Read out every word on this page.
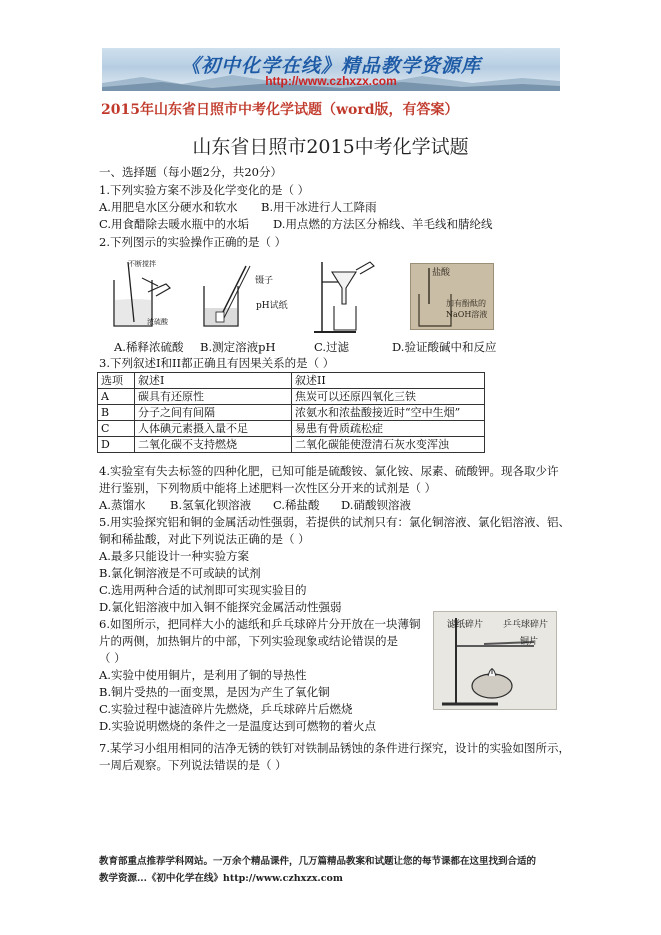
《初中化学在线》精品教学资源库
http://www.czhxzx.com
2015年山东省日照市中考化学试题（word版，有答案）
山东省日照市2015中考化学试题
一、选择题（每小题2分，共20分）
1.下列实验方案不涉及化学变化的是（ ）
A.用肥皂水区分硬水和软水 B.用干冰进行人工降雨
C.用食醋除去暖水瓶中的水垢 D.用点燃的方法区分棉线、羊毛线和腈纶线
2.下列图示的实验操作正确的是（ ）
不断搅拌
浓硫酸
镊子
pH试纸
盐酸
加有酚酞的
NaOH溶液
A.稀释浓硫酸 B.测定溶液pH	C.过滤	D.验证酸碱中和反应
3.下列叙述I和II都正确且有因果关系的是（ ）
选项	叙述I	叙述II
A	碳具有还原性	焦炭可以还原四氧化三铁
B	分子之间有间隔	浓氨水和浓盐酸接近时“空中生烟”
C	人体碘元素摄入量不足	易患有骨质疏松症
D	二氧化碳不支持燃烧	二氧化碳能使澄清石灰水变浑浊
4.实验室有失去标签的四种化肥，已知可能是硫酸铵、氯化铵、尿素、硫酸钾。现各取少许
进行鉴别，下列物质中能将上述肥料一次性区分开来的试剂是（ ）
A.蒸馏水 B.氢氧化钡溶液 C.稀盐酸 D.硝酸钡溶液
5.用实验探究铝和铜的金属活动性强弱，若提供的试剂只有：氯化铜溶液、氯化铝溶液、铝、
铜和稀盐酸，对此下列说法正确的是（ ）
A.最多只能设计一种实验方案
B.氯化铜溶液是不可或缺的试剂
C.选用两种合适的试剂即可实现实验目的
D.氯化铝溶液中加入铜不能探究金属活动性强弱
6.如图所示，把同样大小的滤纸和乒乓球碎片分开放在一块薄铜
片的两侧，加热铜片的中部，下列实验现象或结论错误的是
（ ）
A.实验中使用铜片，是利用了铜的导热性
B.铜片受热的一面变黑，是因为产生了氧化铜
C.实验过程中滤渣碎片先燃烧，乒乓球碎片后燃烧
D.实验说明燃烧的条件之一是温度达到可燃物的着火点
滤纸碎片 乒乓球碎片
铜片
7.某学习小组用相同的洁净无锈的铁钉对铁制品锈蚀的条件进行探究，设计的实验如图所示，
一周后观察。下列说法错误的是（ ）
教育部重点推荐学科网站。一万余个精品课件，几万篇精品教案和试题让您的每节课都在这里找到合适的
教学资源...《初中化学在线》http://www.czhxzx.com
